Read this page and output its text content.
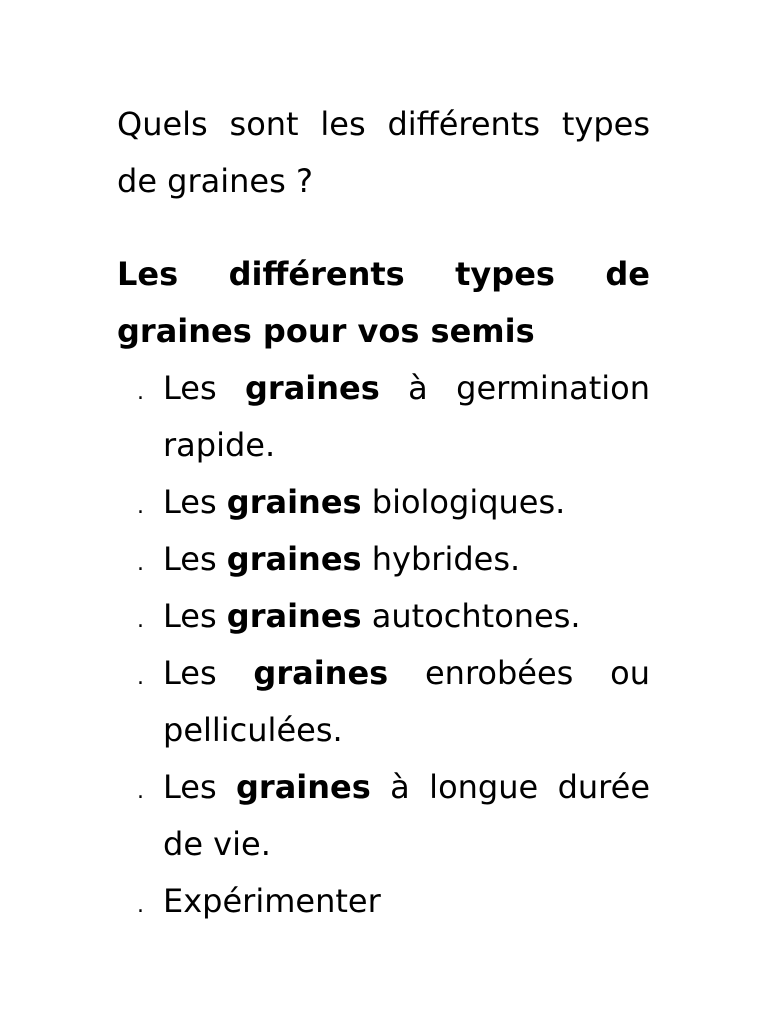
Quels sont les différents types de graines ?

Les différents types de graines pour vos semis

. Les graines à germination rapide.
. Les graines biologiques.
. Les graines hybrides.
. Les graines autochtones.
. Les graines enrobées ou pelliculées.
. Les graines à longue durée de vie.
. Expérimenter
